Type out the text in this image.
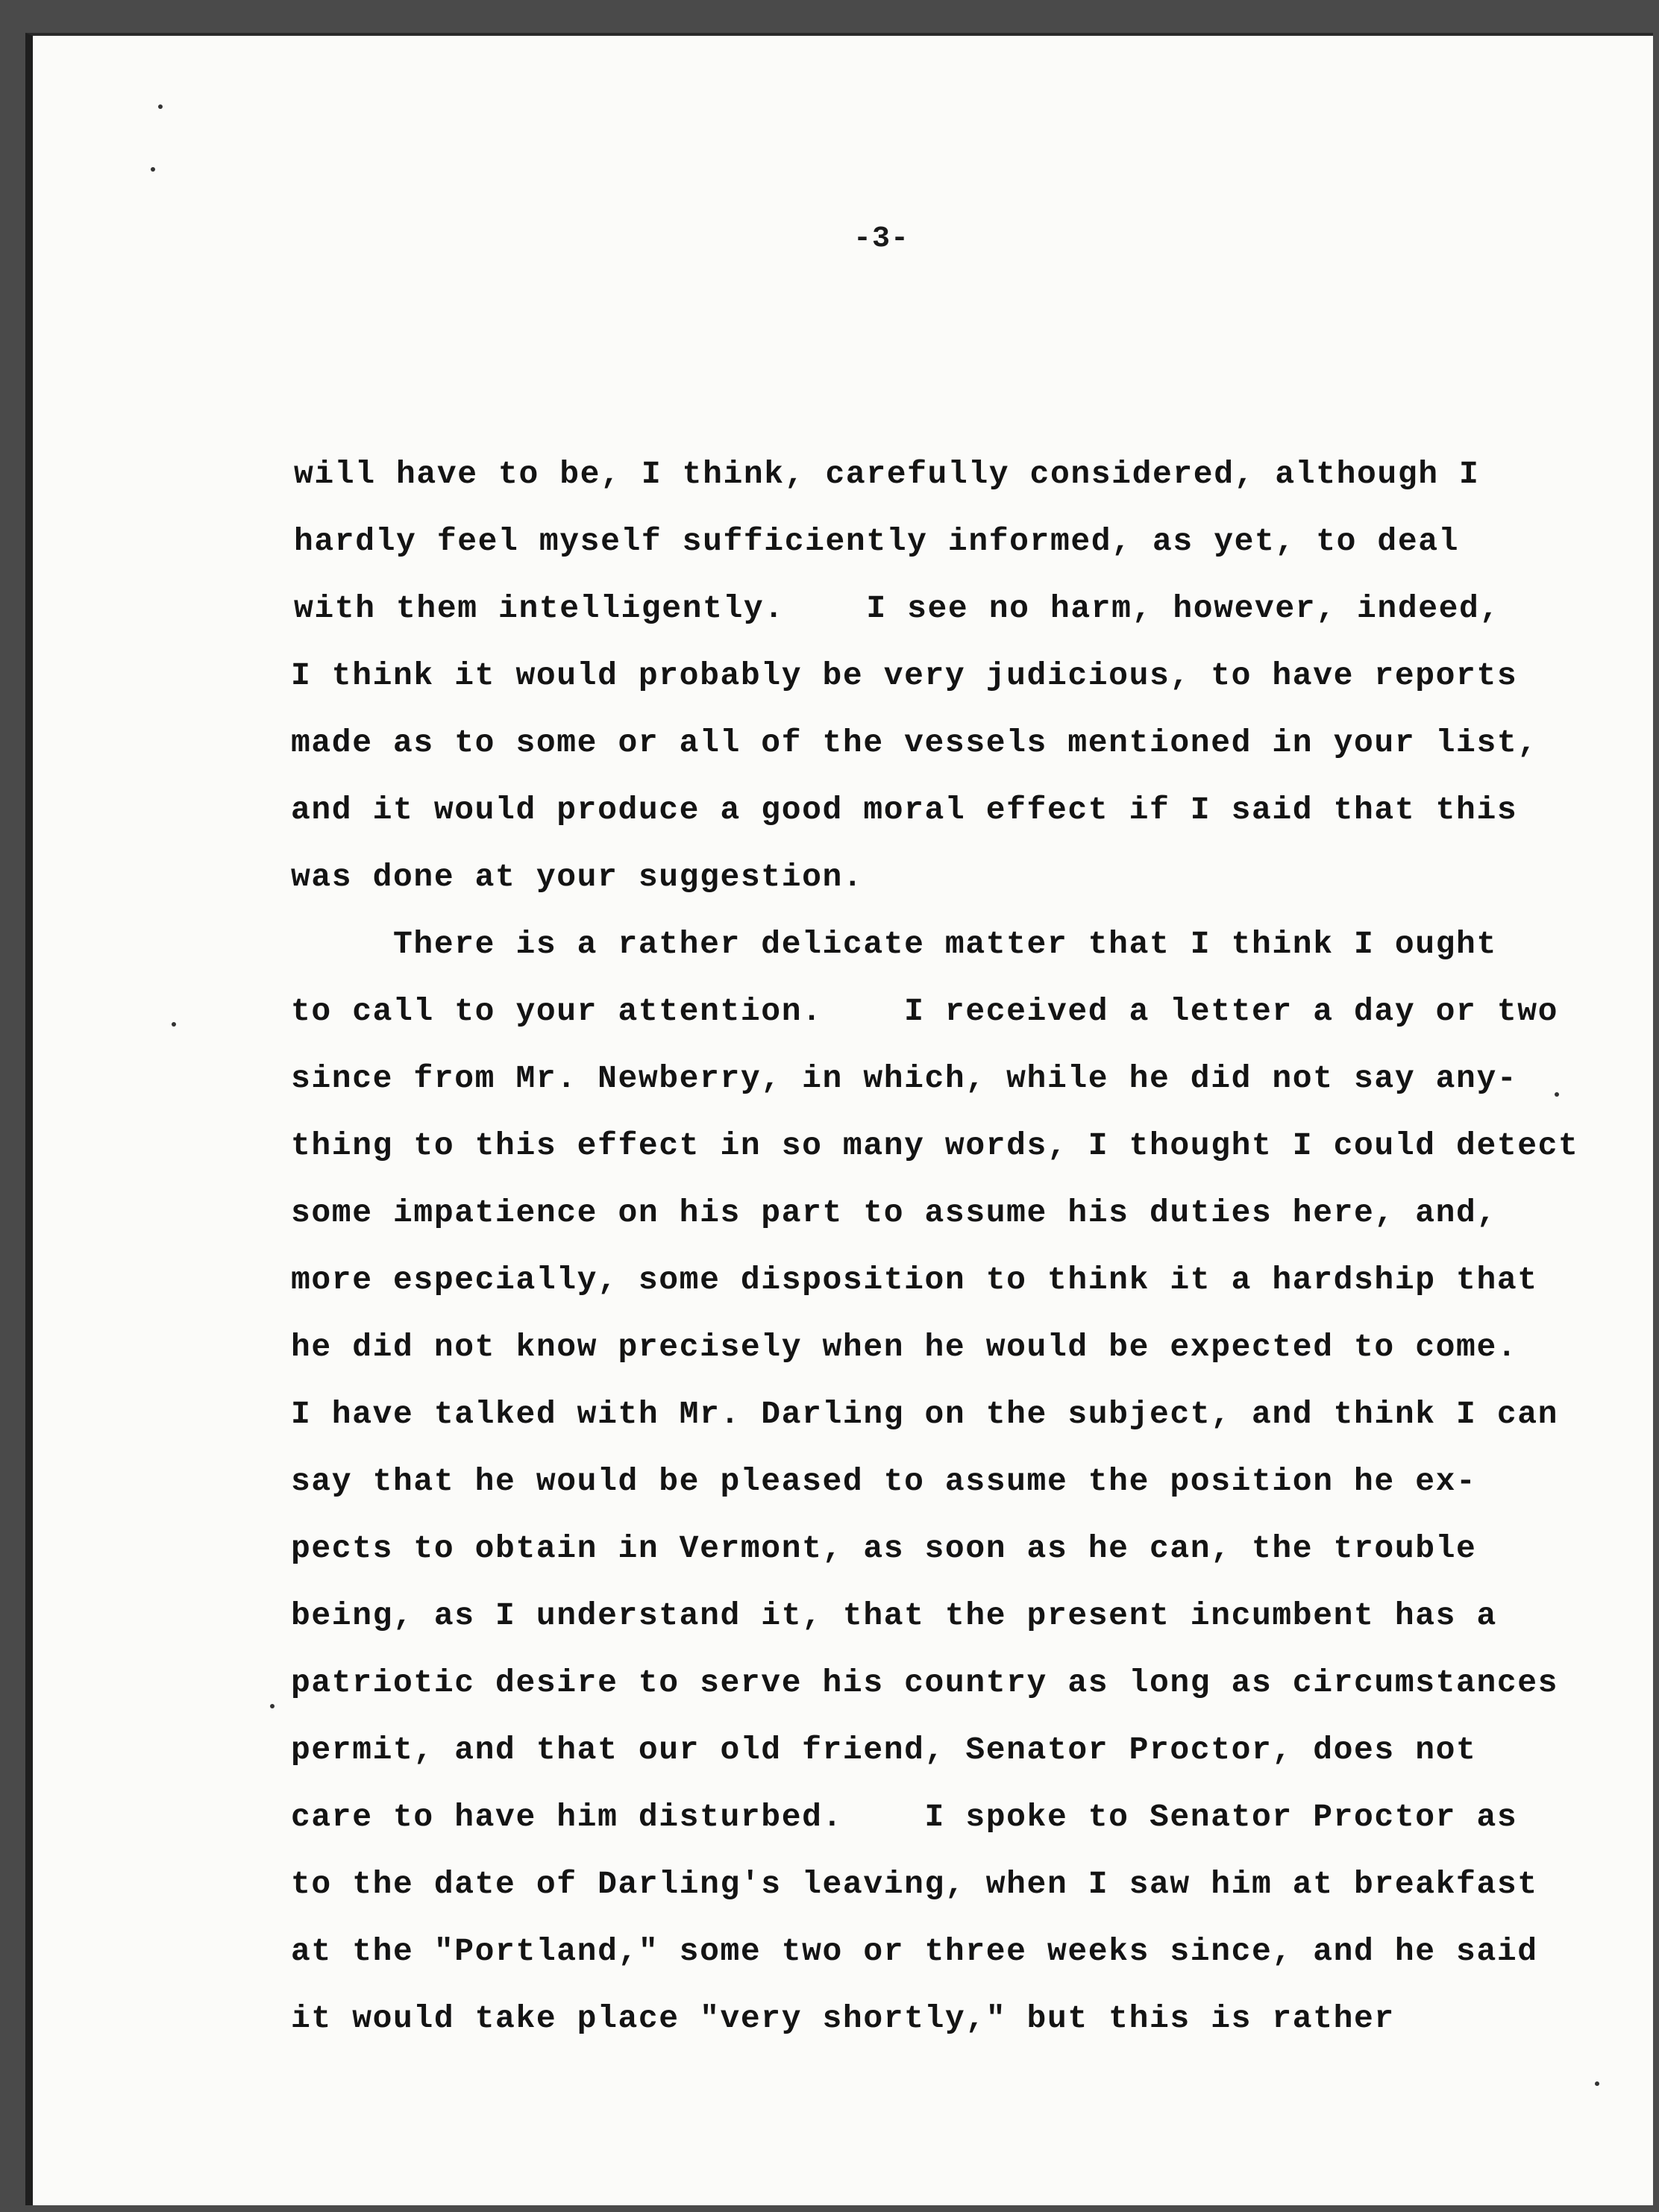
-3-
will have to be, I think, carefully considered, although I
hardly feel myself sufficiently informed, as yet, to deal
with them intelligently.    I see no harm, however, indeed,
I think it would probably be very judicious, to have reports
made as to some or all of the vessels mentioned in your list,
and it would produce a good moral effect if I said that this
was done at your suggestion.
There is a rather delicate matter that I think I ought
to call to your attention.    I received a letter a day or two
since from Mr. Newberry, in which, while he did not say any-
thing to this effect in so many words, I thought I could detect
some impatience on his part to assume his duties here, and,
more especially, some disposition to think it a hardship that
he did not know precisely when he would be expected to come.
I have talked with Mr. Darling on the subject, and think I can
say that he would be pleased to assume the position he ex-
pects to obtain in Vermont, as soon as he can, the trouble
being, as I understand it, that the present incumbent has a
patriotic desire to serve his country as long as circumstances
permit, and that our old friend, Senator Proctor, does not
care to have him disturbed.    I spoke to Senator Proctor as
to the date of Darling's leaving, when I saw him at breakfast
at the "Portland," some two or three weeks since, and he said
it would take place "very shortly," but this is rather
